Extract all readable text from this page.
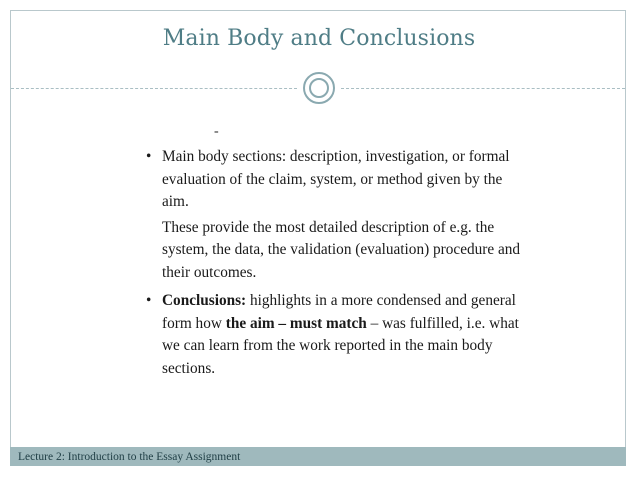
Main Body and Conclusions
-
• Main body sections: description, investigation, or formal
evaluation of the claim, system, or method given by the
aim.
These provide the most detailed description of e.g. the
system, the data, the validation (evaluation) procedure and
their outcomes.
• Conclusions: highlights in a more condensed and general
form how the aim – must match – was fulfilled, i.e. what
we can learn from the work reported in the main body
sections.
Lecture 2: Introduction to the Essay Assignment
